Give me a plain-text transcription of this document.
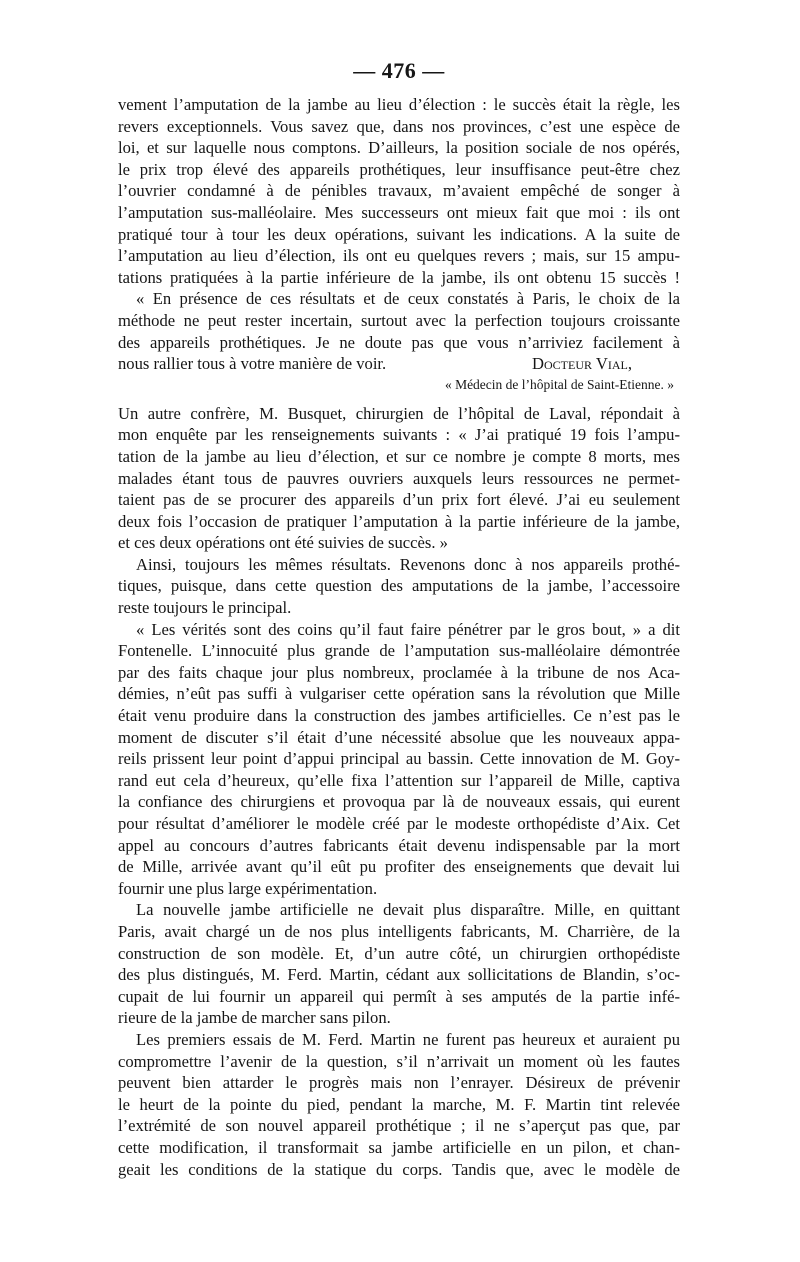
— 476 —
vement l’amputation de la jambe au lieu d’élection : le succès était la règle, les
revers exceptionnels. Vous savez que, dans nos provinces, c’est une espèce de
loi, et sur laquelle nous comptons. D’ailleurs, la position sociale de nos opérés,
le prix trop élevé des appareils prothétiques, leur insuffisance peut-être chez
l’ouvrier condamné à de pénibles travaux, m’avaient empêché de songer à
l’amputation sus-malléolaire. Mes successeurs ont mieux fait que moi : ils ont
pratiqué tour à tour les deux opérations, suivant les indications. A la suite de
l’amputation au lieu d’élection, ils ont eu quelques revers ; mais, sur 15 ampu-
tations pratiquées à la partie inférieure de la jambe, ils ont obtenu 15 succès !
« En présence de ces résultats et de ceux constatés à Paris, le choix de la
méthode ne peut rester incertain, surtout avec la perfection toujours croissante
des appareils prothétiques. Je ne doute pas que vous n’arriviez facilement à
nous rallier tous à votre manière de voir.	Docteur Vial,
« Médecin de l’hôpital de Saint-Etienne. »
Un autre confrère, M. Busquet, chirurgien de l’hôpital de Laval, répondait à
mon enquête par les renseignements suivants : « J’ai pratiqué 19 fois l’ampu-
tation de la jambe au lieu d’élection, et sur ce nombre je compte 8 morts, mes
malades étant tous de pauvres ouvriers auxquels leurs ressources ne permet-
taient pas de se procurer des appareils d’un prix fort élevé. J’ai eu seulement
deux fois l’occasion de pratiquer l’amputation à la partie inférieure de la jambe,
et ces deux opérations ont été suivies de succès. »
Ainsi, toujours les mêmes résultats. Revenons donc à nos appareils prothé-
tiques, puisque, dans cette question des amputations de la jambe, l’accessoire
reste toujours le principal.
« Les vérités sont des coins qu’il faut faire pénétrer par le gros bout, » a dit
Fontenelle. L’innocuité plus grande de l’amputation sus-malléolaire démontrée
par des faits chaque jour plus nombreux, proclamée à la tribune de nos Aca-
démies, n’eût pas suffi à vulgariser cette opération sans la révolution que Mille
était venu produire dans la construction des jambes artificielles. Ce n’est pas le
moment de discuter s’il était d’une nécessité absolue que les nouveaux appa-
reils prissent leur point d’appui principal au bassin. Cette innovation de M. Goy-
rand eut cela d’heureux, qu’elle fixa l’attention sur l’appareil de Mille, captiva
la confiance des chirurgiens et provoqua par là de nouveaux essais, qui eurent
pour résultat d’améliorer le modèle créé par le modeste orthopédiste d’Aix. Cet
appel au concours d’autres fabricants était devenu indispensable par la mort
de Mille, arrivée avant qu’il eût pu profiter des enseignements que devait lui
fournir une plus large expérimentation.
La nouvelle jambe artificielle ne devait plus disparaître. Mille, en quittant
Paris, avait chargé un de nos plus intelligents fabricants, M. Charrière, de la
construction de son modèle. Et, d’un autre côté, un chirurgien orthopédiste
des plus distingués, M. Ferd. Martin, cédant aux sollicitations de Blandin, s’oc-
cupait de lui fournir un appareil qui permît à ses amputés de la partie infé-
rieure de la jambe de marcher sans pilon.
Les premiers essais de M. Ferd. Martin ne furent pas heureux et auraient pu
compromettre l’avenir de la question, s’il n’arrivait un moment où les fautes
peuvent bien attarder le progrès mais non l’enrayer. Désireux de prévenir
le heurt de la pointe du pied, pendant la marche, M. F. Martin tint relevée
l’extrémité de son nouvel appareil prothétique ; il ne s’aperçut pas que, par
cette modification, il transformait sa jambe artificielle en un pilon, et chan-
geait les conditions de la statique du corps. Tandis que, avec le modèle de
